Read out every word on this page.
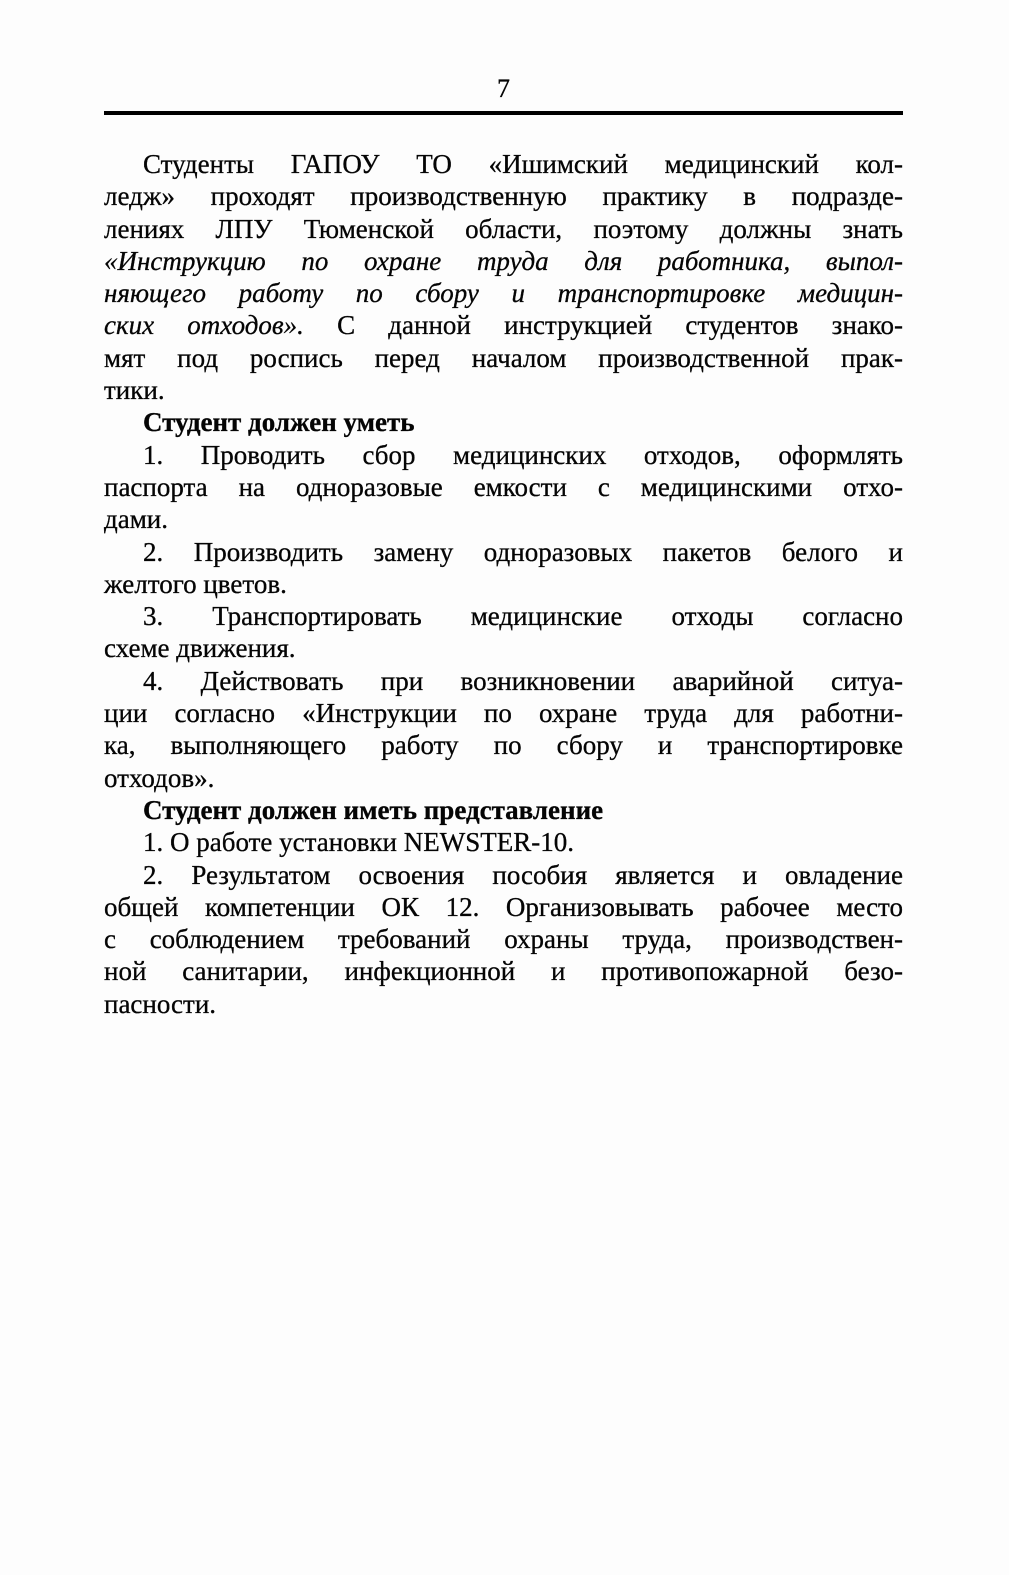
7
Студенты ГАПОУ ТО «Ишимский медицинский кол-
ледж» проходят производственную практику в подразде-
лениях ЛПУ Тюменской области, поэтому должны знать
«Инструкцию по охране труда для работника, выпол-
няющего работу по сбору и транспортировке медицин-
ских отходов». С данной инструкцией студентов знако-
мят под роспись перед началом производственной прак-
тики.
Студент должен уметь
1. Проводить сбор медицинских отходов, оформлять
паспорта на одноразовые емкости с медицинскими отхо-
дами.
2. Производить замену одноразовых пакетов белого и
желтого цветов.
3. Транспортировать медицинские отходы согласно
схеме движения.
4. Действовать при возникновении аварийной ситуа-
ции согласно «Инструкции по охране труда для работни-
ка, выполняющего работу по сбору и транспортировке
отходов».
Студент должен иметь представление
1. О работе установки NEWSTER-10.
2. Результатом освоения пособия является и овладение
общей компетенции ОК 12. Организовывать рабочее место
с соблюдением требований охраны труда, производствен-
ной санитарии, инфекционной и противопожарной безо-
пасности.
